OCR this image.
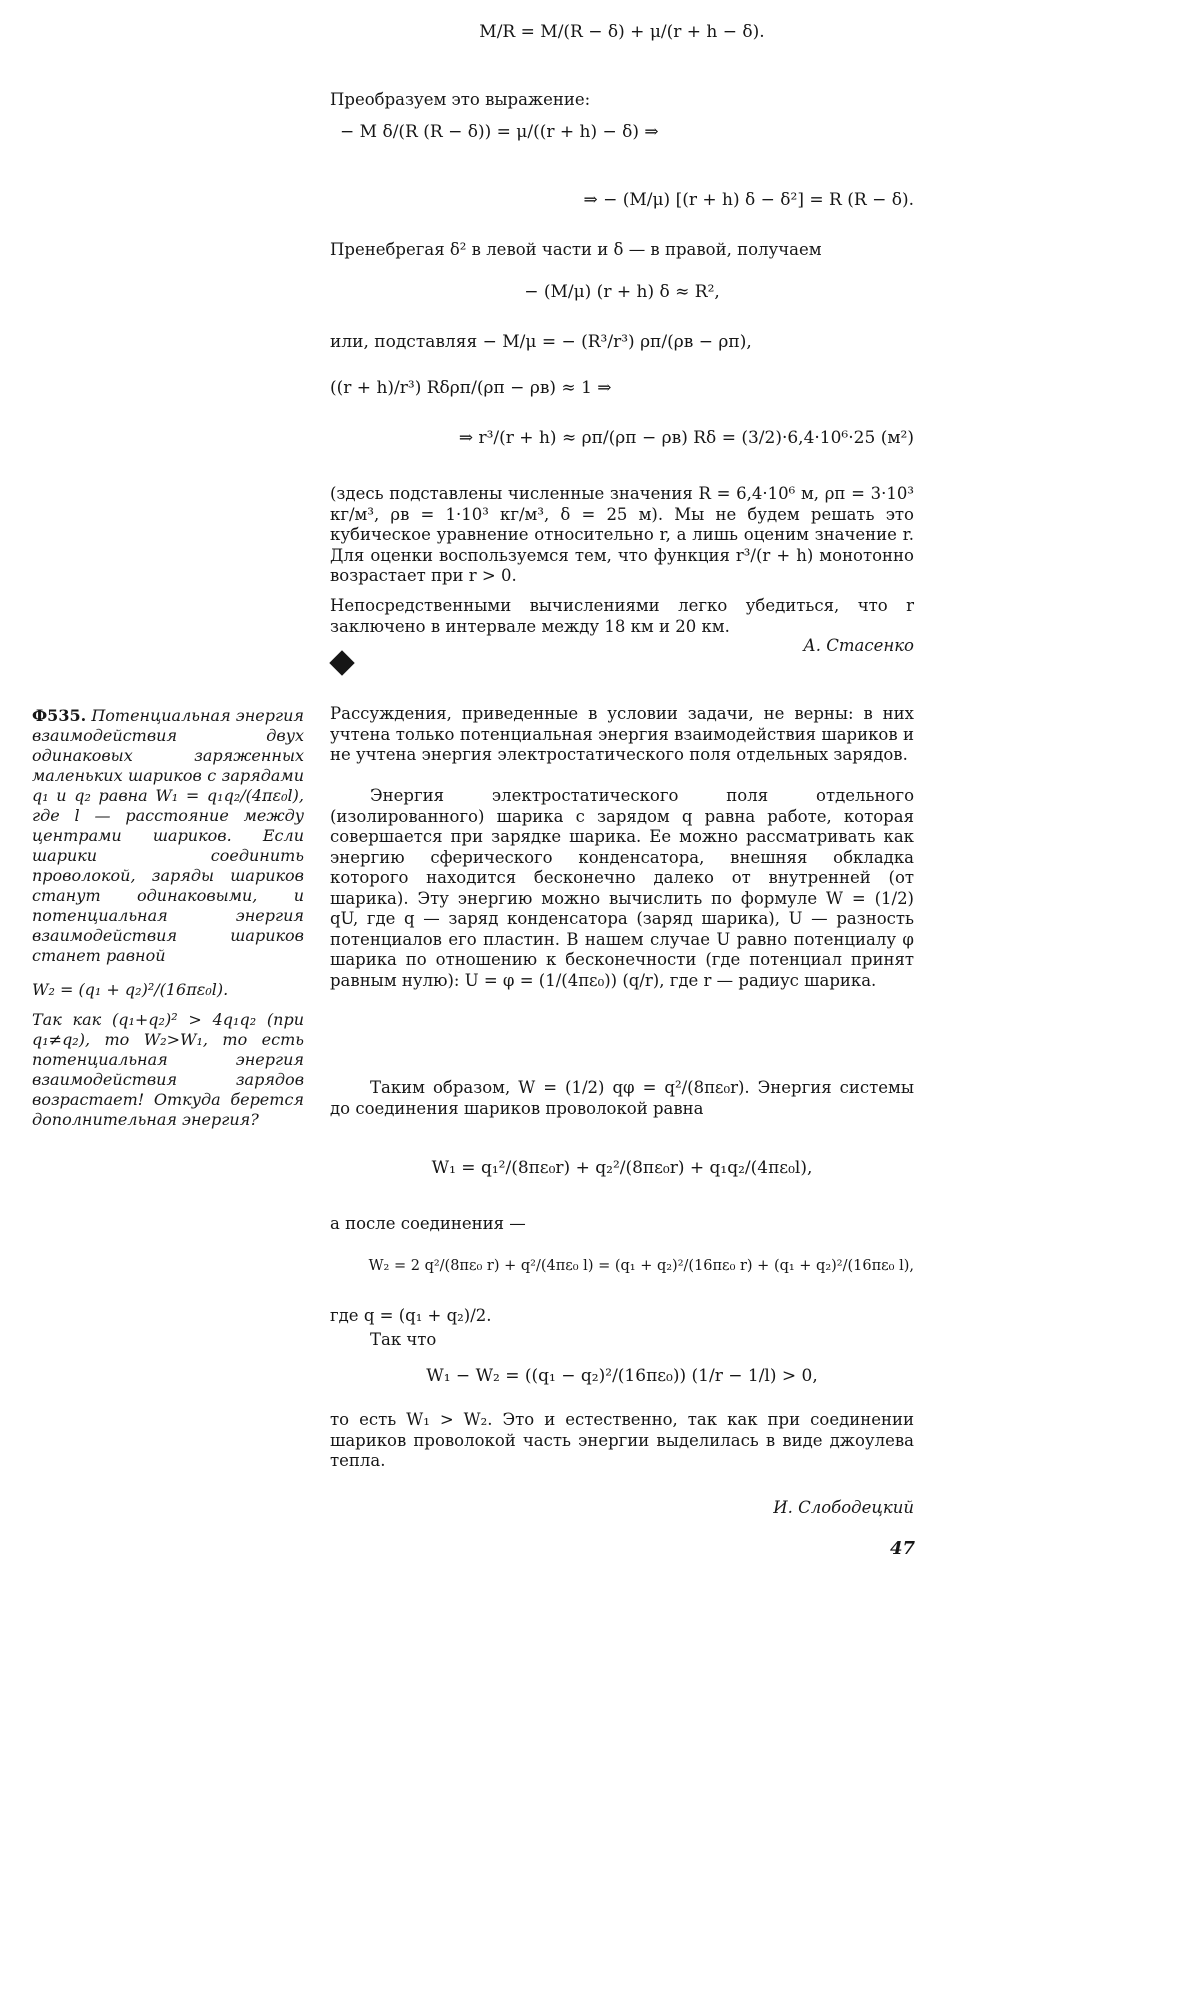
M/R = M/(R − δ) + μ/(r + h − δ).

Преобразуем это выражение:

− M δ/(R (R − δ)) = μ/((r + h) − δ) ⇒
⇒ − (M/μ) [(r + h) δ − δ²] = R (R − δ).

Пренебрегая δ² в левой части и δ — в правой, получаем

− (M/μ) (r + h) δ ≈ R²,
или, подставляя − M/μ = − (R³/r³) ρп/(ρв − ρп),
((r + h)/r³) Rδρп/(ρп − ρв) ≈ 1 ⇒
⇒ r³/(r + h) ≈ ρп/(ρп − ρв) Rδ = (3/2)·6,4·10⁶·25 (м²)

(здесь подставлены численные значения R = 6,4·10⁶ м, ρп = 3·10³ кг/м³, ρв = 1·10³ кг/м³, δ = 25 м). Мы не будем решать это кубическое уравнение относительно r, а лишь оценим значение r. Для оценки воспользуемся тем, что функция r³/(r + h) монотонно возрастает при r > 0.

Непосредственными вычислениями легко убедиться, что r заключено в интервале между 18 км и 20 км.

А. Стасенко
Ф535. Потенциальная энергия взаимодействия двух одинаковых заряженных маленьких шариков с зарядами q₁ и q₂ равна W₁ = q₁q₂/(4πε₀l), где l — расстояние между центрами шариков. Если шарики соединить проволокой, заряды шариков станут одинаковыми, и потенциальная энергия взаимодействия шариков станет равной
W₂ = (q₁ + q₂)²/(16πε₀l).
Так как (q₁+q₂)² > 4q₁q₂ (при q₁≠q₂), то W₂>W₁, то есть потенциальная энергия взаимодействия зарядов возрастает! Откуда берется дополнительная энергия?

Рассуждения, приведенные в условии задачи, не верны: в них учтена только потенциальная энергия взаимодействия шариков и не учтена энергия электростатического поля отдельных зарядов.

Энергия электростатического поля отдельного (изолированного) шарика с зарядом q равна работе, которая совершается при зарядке шарика. Ее можно рассматривать как энергию сферического конденсатора, внешняя обкладка которого находится бесконечно далеко от внутренней (от шарика). Эту энергию можно вычислить по формуле W = (1/2) qU, где q — заряд конденсатора (заряд шарика), U — разность потенциалов его пластин. В нашем случае U равно потенциалу φ шарика по отношению к бесконечности (где потенциал принят равным нулю): U = φ = (1/(4πε₀)) (q/r), где r — радиус шарика.

Таким образом, W = (1/2) qφ = q²/(8πε₀r). Энергия системы до соединения шариков проволокой равна

W₁ = q₁²/(8πε₀r) + q₂²/(8πε₀r) + q₁q₂/(4πε₀l),

а после соединения —

W₂ = 2 q²/(8πε₀ r) + q²/(4πε₀ l) = (q₁ + q₂)²/(16πε₀ r) + (q₁ + q₂)²/(16πε₀ l),

где q = (q₁ + q₂)/2.

Так что

W₁ − W₂ = ((q₁ − q₂)²/(16πε₀)) (1/r − 1/l) > 0,

то есть W₁ > W₂. Это и естественно, так как при соединении шариков проволокой часть энергии выделилась в виде джоулева тепла.

И. Слободецкий
47
